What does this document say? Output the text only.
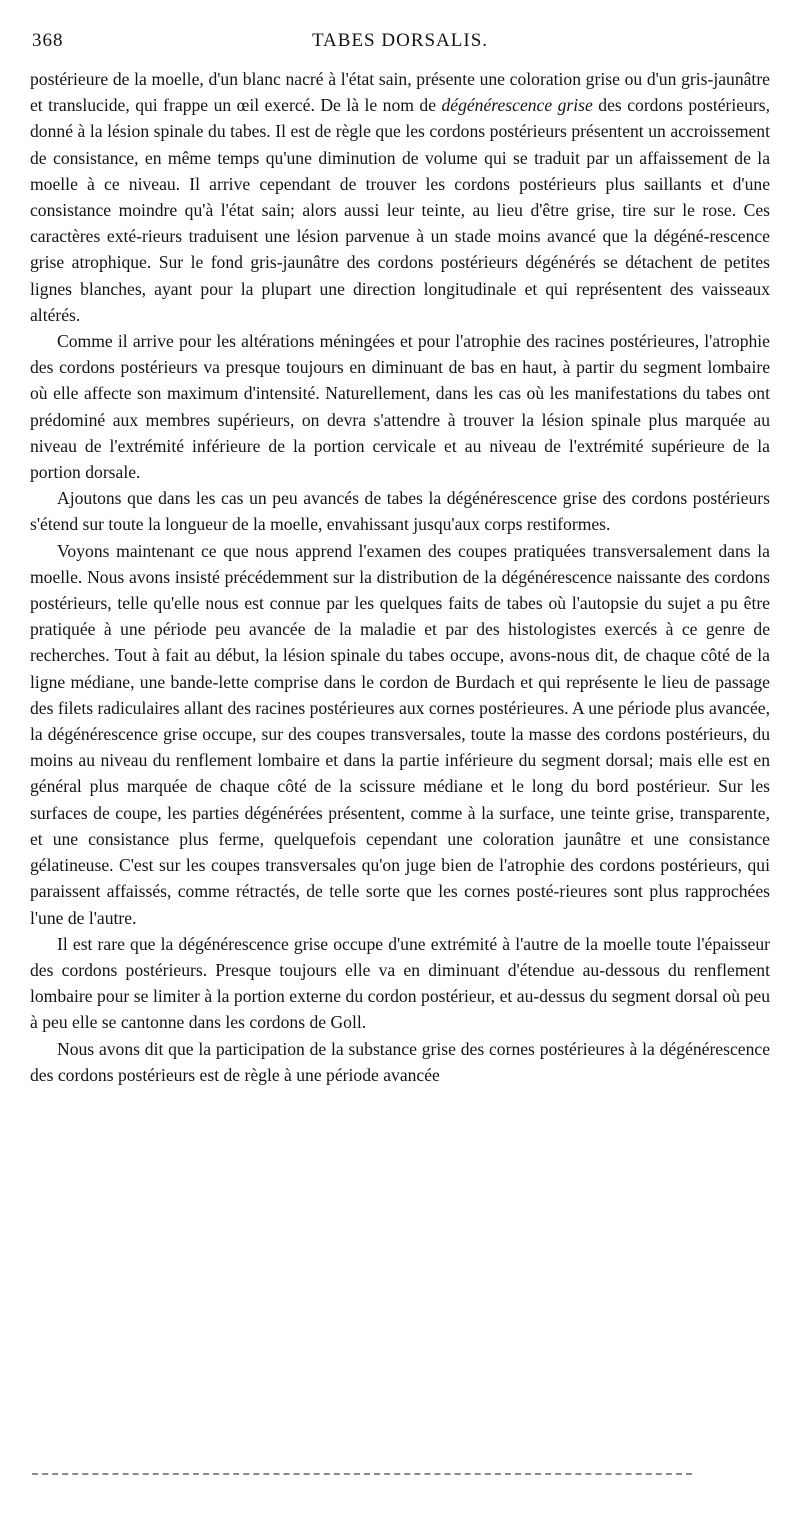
368	TABES DORSALIS.

postérieure de la moelle, d'un blanc nacré à l'état sain, présente une coloration grise ou d'un gris-jaunâtre et translucide, qui frappe un œil exercé. De là le nom de dégénérescence grise des cordons postérieurs, donné à la lésion spinale du tabes. Il est de règle que les cordons postérieurs présentent un accroissement de consistance, en même temps qu'une diminution de volume qui se traduit par un affaissement de la moelle à ce niveau. Il arrive cependant de trouver les cordons postérieurs plus saillants et d'une consistance moindre qu'à l'état sain; alors aussi leur teinte, au lieu d'être grise, tire sur le rose. Ces caractères exté-rieurs traduisent une lésion parvenue à un stade moins avancé que la dégéné-rescence grise atrophique. Sur le fond gris-jaunâtre des cordons postérieurs dégénérés se détachent de petites lignes blanches, ayant pour la plupart une direction longitudinale et qui représentent des vaisseaux altérés.

Comme il arrive pour les altérations méningées et pour l'atrophie des racines postérieures, l'atrophie des cordons postérieurs va presque toujours en diminuant de bas en haut, à partir du segment lombaire où elle affecte son maximum d'intensité. Naturellement, dans les cas où les manifestations du tabes ont prédominé aux membres supérieurs, on devra s'attendre à trouver la lésion spinale plus marquée au niveau de l'extrémité inférieure de la portion cervicale et au niveau de l'extrémité supérieure de la portion dorsale.

Ajoutons que dans les cas un peu avancés de tabes la dégénérescence grise des cordons postérieurs s'étend sur toute la longueur de la moelle, envahissant jusqu'aux corps restiformes.

Voyons maintenant ce que nous apprend l'examen des coupes pratiquées transversalement dans la moelle. Nous avons insisté précédemment sur la distribution de la dégénérescence naissante des cordons postérieurs, telle qu'elle nous est connue par les quelques faits de tabes où l'autopsie du sujet a pu être pratiquée à une période peu avancée de la maladie et par des histologistes exercés à ce genre de recherches. Tout à fait au début, la lésion spinale du tabes occupe, avons-nous dit, de chaque côté de la ligne médiane, une bande-lette comprise dans le cordon de Burdach et qui représente le lieu de passage des filets radiculaires allant des racines postérieures aux cornes postérieures. A une période plus avancée, la dégénérescence grise occupe, sur des coupes transversales, toute la masse des cordons postérieurs, du moins au niveau du renflement lombaire et dans la partie inférieure du segment dorsal; mais elle est en général plus marquée de chaque côté de la scissure médiane et le long du bord postérieur. Sur les surfaces de coupe, les parties dégénérées présentent, comme à la surface, une teinte grise, transparente, et une consistance plus ferme, quelquefois cependant une coloration jaunâtre et une consistance gélatineuse. C'est sur les coupes transversales qu'on juge bien de l'atrophie des cordons postérieurs, qui paraissent affaissés, comme rétractés, de telle sorte que les cornes posté-rieures sont plus rapprochées l'une de l'autre.

Il est rare que la dégénérescence grise occupe d'une extrémité à l'autre de la moelle toute l'épaisseur des cordons postérieurs. Presque toujours elle va en diminuant d'étendue au-dessous du renflement lombaire pour se limiter à la portion externe du cordon postérieur, et au-dessus du segment dorsal où peu à peu elle se cantonne dans les cordons de Goll.

Nous avons dit que la participation de la substance grise des cornes postérieures à la dégénérescence des cordons postérieurs est de règle à une période avancée
